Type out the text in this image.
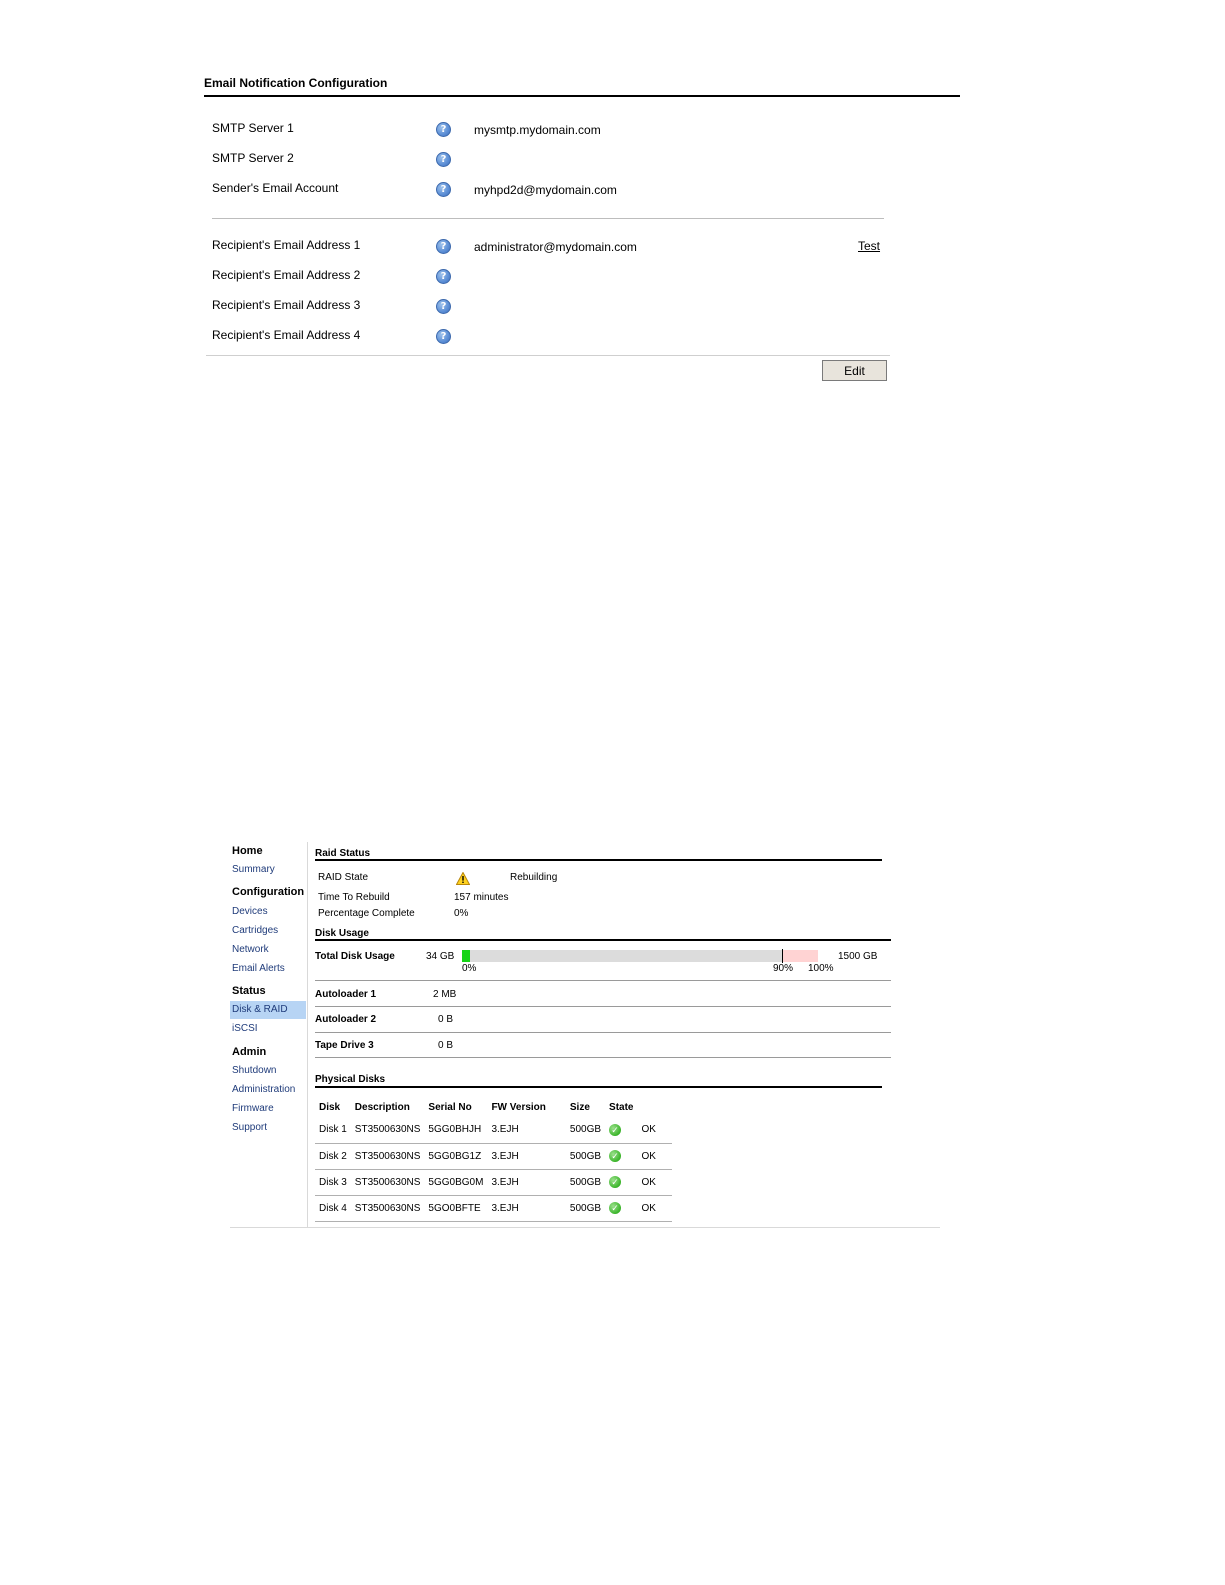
Email Notification Configuration
SMTP Server 1	?	mysmtp.mydomain.com
SMTP Server 2	?
Sender's Email Account	?	myhpd2d@mydomain.com
Recipient's Email Address 1	?	administrator@mydomain.com	Test
Recipient's Email Address 2	?
Recipient's Email Address 3	?
Recipient's Email Address 4	?
Edit
Home
Summary
Configuration
Devices
Cartridges
Network
Email Alerts
Status
Disk & RAID
iSCSI
Admin
Shutdown
Administration
Firmware
Support
Raid Status
RAID State	Rebuilding
Time To Rebuild	157 minutes
Percentage Complete	0%
Disk Usage
Total Disk Usage	34 GB	1500 GB
0%	90% 100%
Autoloader 1	2 MB
Autoloader 2	0 B
Tape Drive 3	0 B
Physical Disks
Disk	Description	Serial No	FW Version	Size	State	
Disk 1	ST3500630NS	5GG0BHJH	3.EJH	500GB	✓	OK
Disk 2	ST3500630NS	5GG0BG1Z	3.EJH	500GB	✓	OK
Disk 3	ST3500630NS	5GG0BG0M	3.EJH	500GB	✓	OK
Disk 4	ST3500630NS	5GO0BFTE	3.EJH	500GB	✓	OK
